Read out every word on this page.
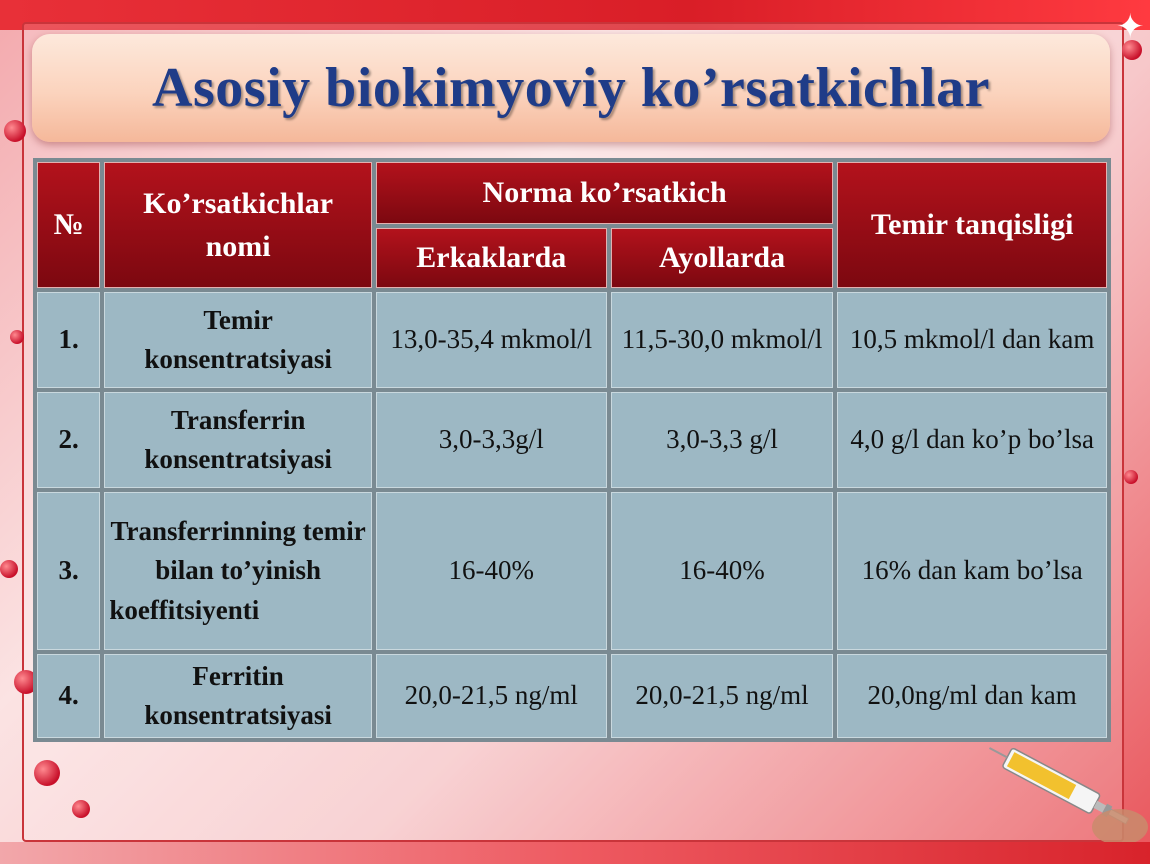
✦
Asosiy biokimyoviy ko’rsatkichlar
№	Ko’rsatkichlar nomi	Norma ko’rsatkich		Temir tanqisligi
		Erkaklarda	Ayollarda	
1.	Temir konsentratsiyasi	13,0-35,4 mkmol/l	11,5-30,0 mkmol/l	10,5 mkmol/l dan kam
2.	Transferrin konsentratsiyasi	3,0-3,3g/l	3,0-3,3 g/l	4,0 g/l dan ko’p bo’lsa
3.	Transferrinning temir bilan to’yinish koeffitsiyenti	16-40%	16-40%	16% dan kam bo’lsa
4.	Ferritin konsentratsiyasi	20,0-21,5 ng/ml	20,0-21,5 ng/ml	20,0ng/ml dan kam
